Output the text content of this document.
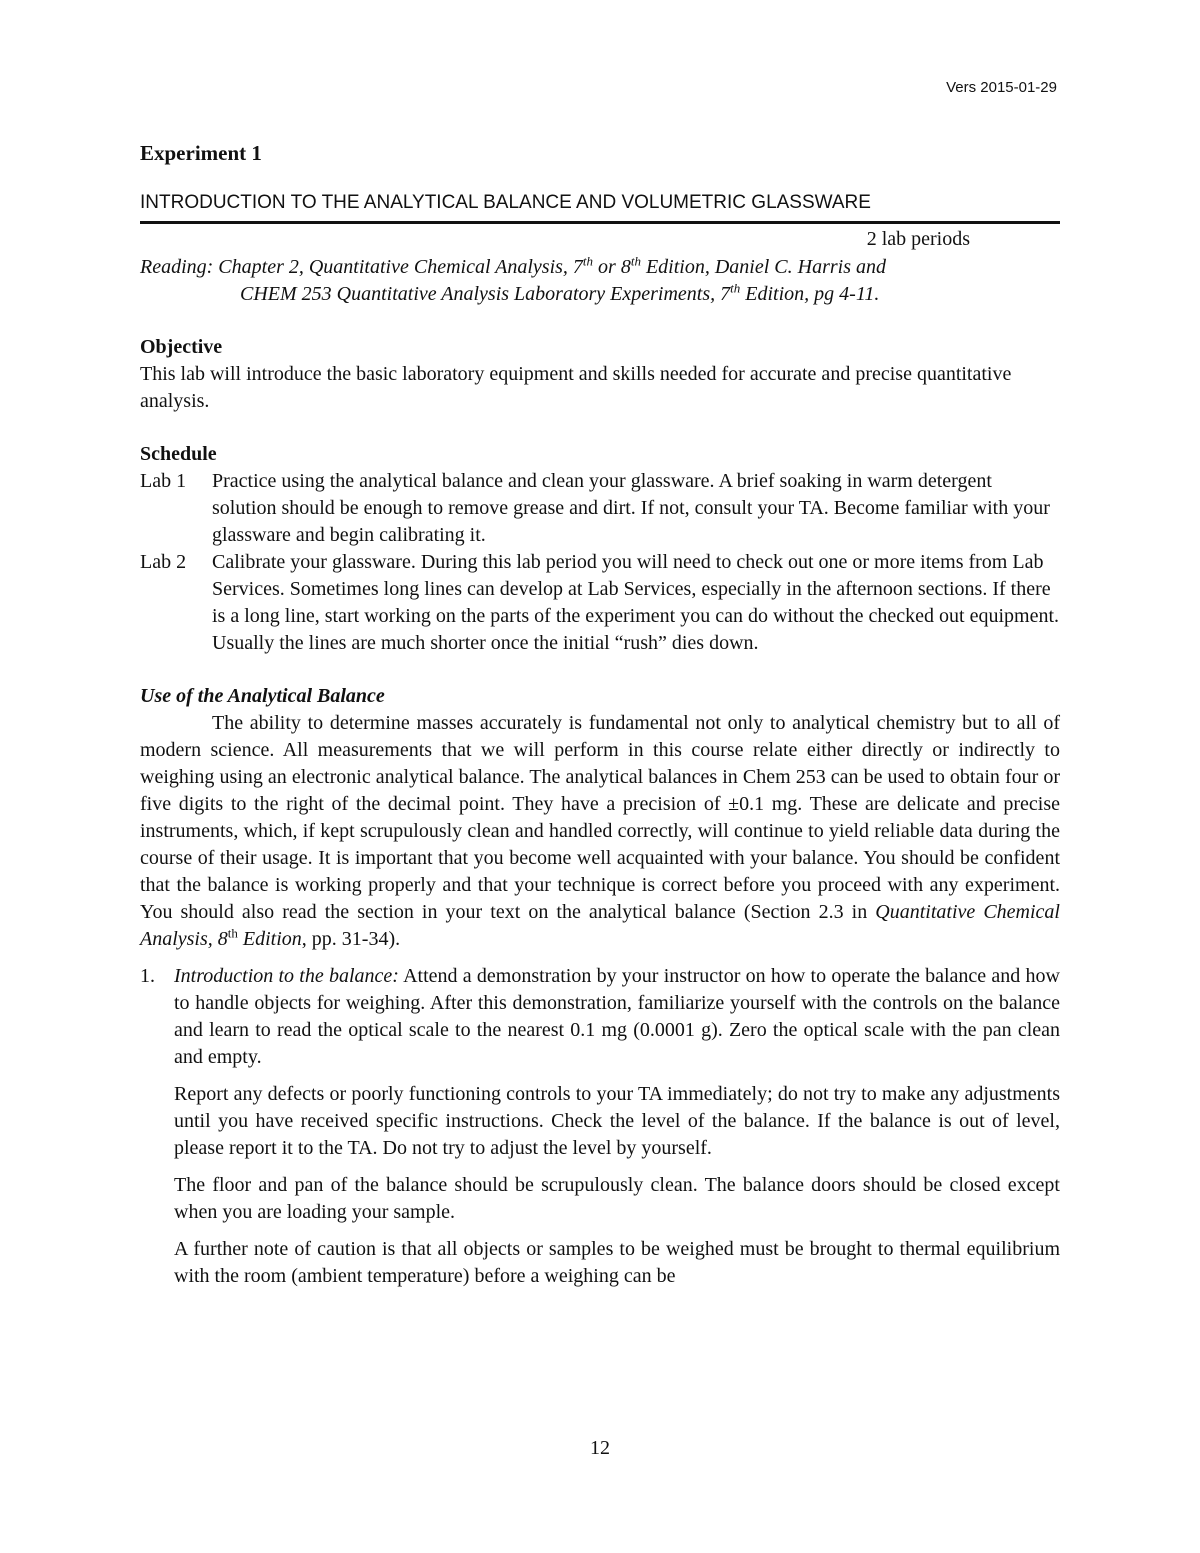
Vers 2015-01-29
Experiment 1
INTRODUCTION TO THE ANALYTICAL BALANCE AND VOLUMETRIC GLASSWARE
2 lab periods
Reading: Chapter 2, Quantitative Chemical Analysis, 7th or 8th Edition, Daniel C. Harris and
CHEM 253 Quantitative Analysis Laboratory Experiments, 7th Edition, pg 4-11.
Objective

This lab will introduce the basic laboratory equipment and skills needed for accurate and precise quantitative analysis.

Schedule
Lab 1	Practice using the analytical balance and clean your glassware. A brief soaking in warm detergent solution should be enough to remove grease and dirt. If not, consult your TA. Become familiar with your glassware and begin calibrating it.
Lab 2	Calibrate your glassware. During this lab period you will need to check out one or more items from Lab Services. Sometimes long lines can develop at Lab Services, especially in the afternoon sections. If there is a long line, start working on the parts of the experiment you can do without the checked out equipment. Usually the lines are much shorter once the initial “rush” dies down.
Use of the Analytical Balance

The ability to determine masses accurately is fundamental not only to analytical chemistry but to all of modern science. All measurements that we will perform in this course relate either directly or indirectly to weighing using an electronic analytical balance. The analytical balances in Chem 253 can be used to obtain four or five digits to the right of the decimal point. They have a precision of ±0.1 mg. These are delicate and precise instruments, which, if kept scrupulously clean and handled correctly, will continue to yield reliable data during the course of their usage. It is important that you become well acquainted with your balance. You should be confident that the balance is working properly and that your technique is correct before you proceed with any experiment. You should also read the section in your text on the analytical balance (Section 2.3 in Quantitative Chemical Analysis, 8th Edition, pp. 31-34).

1. Introduction to the balance: Attend a demonstration by your instructor on how to operate the balance and how to handle objects for weighing. After this demonstration, familiarize yourself with the controls on the balance and learn to read the optical scale to the nearest 0.1 mg (0.0001 g). Zero the optical scale with the pan clean and empty.

Report any defects or poorly functioning controls to your TA immediately; do not try to make any adjustments until you have received specific instructions. Check the level of the balance. If the balance is out of level, please report it to the TA. Do not try to adjust the level by yourself.

The floor and pan of the balance should be scrupulously clean. The balance doors should be closed except when you are loading your sample.

A further note of caution is that all objects or samples to be weighed must be brought to thermal equilibrium with the room (ambient temperature) before a weighing can be

12
